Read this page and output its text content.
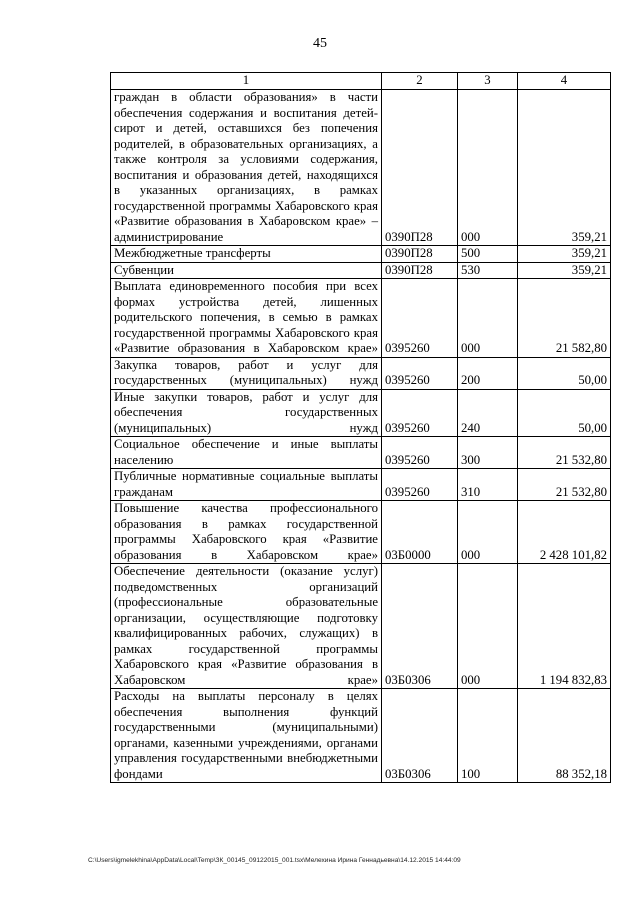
45
1	2	3	4
граждан в области образования» в части обеспечения содержания и воспитания детей-сирот и детей, оставшихся без попечения родителей, в образовательных организациях, а также контроля за условиями содержания, воспитания и образования детей, находящихся в указанных организациях, в рамках государственной программы Хабаровского края «Развитие образования в Хабаровском крае» – администрирование	0390П28	000	359,21
Межбюджетные трансферты	0390П28	500	359,21
Субвенции	0390П28	530	359,21
Выплата единовременного пособия при всех формах устройства детей, лишенных родительского попечения, в семью в рамках государственной программы Хабаровского края «Развитие образования в Хабаровском крае»	0395260	000	21 582,80
Закупка товаров, работ и услуг для государственных (муниципальных) нужд	0395260	200	50,00
Иные закупки товаров, работ и услуг для обеспечения государственных (муниципальных) нужд	0395260	240	50,00
Социальное обеспечение и иные выплаты населению	0395260	300	21 532,80
Публичные нормативные социальные выплаты гражданам	0395260	310	21 532,80
Повышение качества профессионального образования в рамках государственной программы Хабаровского края «Развитие образования в Хабаровском крае»	03Б0000	000	2 428 101,82
Обеспечение деятельности (оказание услуг) подведомственных организаций (профессиональные образовательные организации, осуществляющие подготовку квалифицированных рабочих, служащих) в рамках государственной программы Хабаровского края «Развитие образования в Хабаровском крае»	03Б0306	000	1 194 832,83
Расходы на выплаты персоналу в целях обеспечения выполнения функций государственными (муниципальными) органами, казенными учреждениями, органами управления государственными внебюджетными фондами	03Б0306	100	88 352,18
C:\Users\igmelekhina\AppData\Local\Temp\ЗК_00145_09122015_001.tsx\Мелехина Ирина Геннадьевна\14.12.2015 14:44:09
